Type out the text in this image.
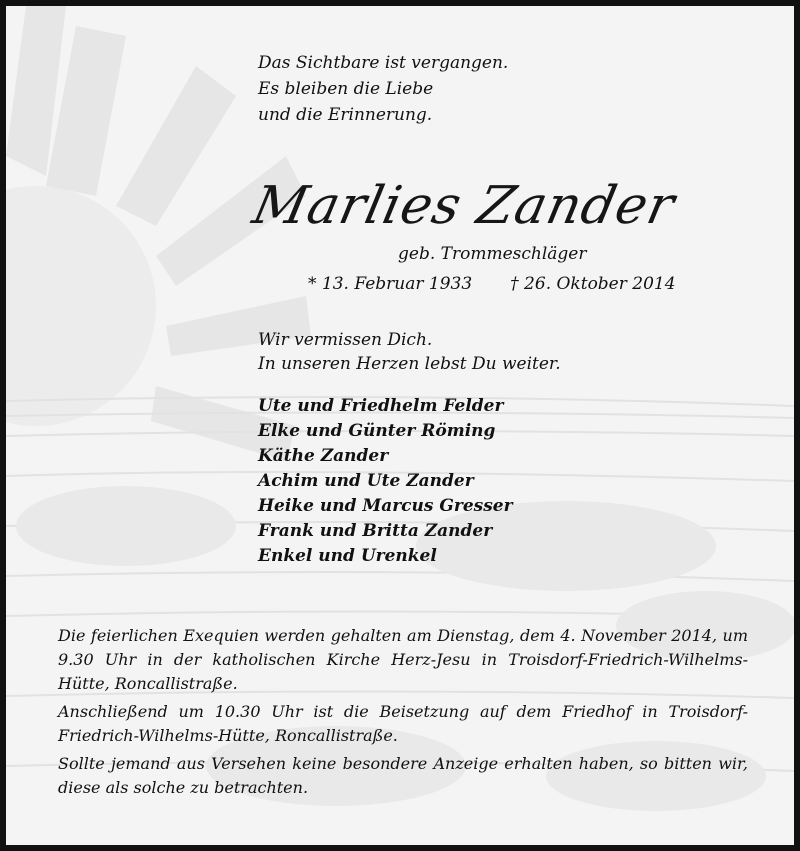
Das Sichtbare ist vergangen.
Es bleiben die Liebe
und die Erinnerung.
Marlies Zander
geb. Trommeschläger
* 13. Februar 1933 † 26. Oktober 2014
Wir vermissen Dich.
In unseren Herzen lebst Du weiter.
Ute und Friedhelm Felder
Elke und Günter Röming
Käthe Zander
Achim und Ute Zander
Heike und Marcus Gresser
Frank und Britta Zander
Enkel und Urenkel

Die feierlichen Exequien werden gehalten am Dienstag, dem 4. November 2014, um 9.30 Uhr in der katholischen Kirche Herz-Jesu in Troisdorf-Friedrich-Wilhelms-Hütte, Roncallistraße.

Anschließend um 10.30 Uhr ist die Beisetzung auf dem Friedhof in Troisdorf-Friedrich-Wilhelms-Hütte, Roncallistraße.

Sollte jemand aus Versehen keine besondere Anzeige erhalten haben, so bitten wir, diese als solche zu betrachten.
